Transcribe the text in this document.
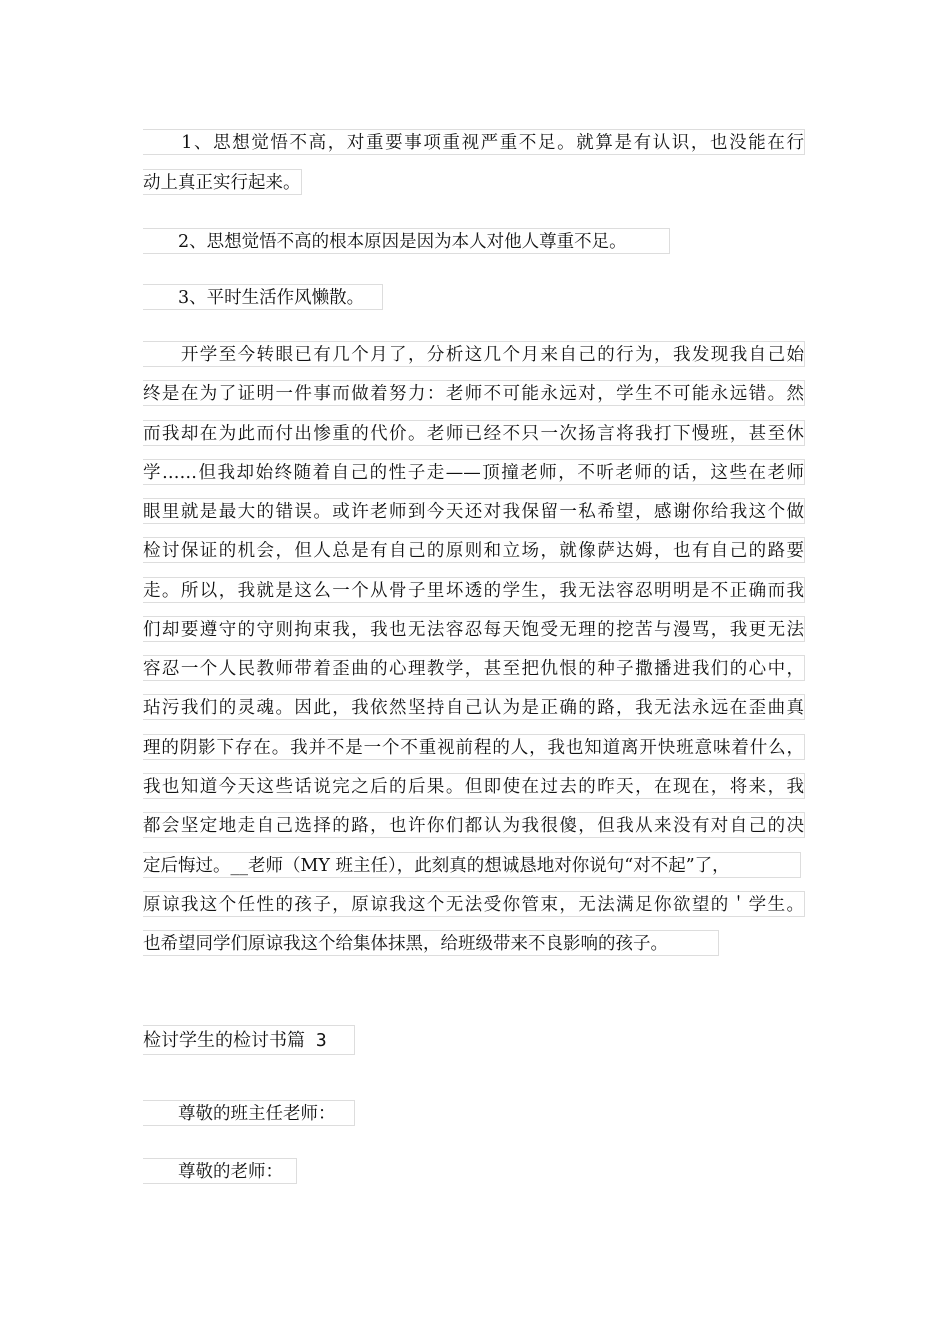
　　1、思想觉悟不高，对重要事项重视严重不足。就算是有认识，也没能在行
动上真正实行起来。
　　2、思想觉悟不高的根本原因是因为本人对他人尊重不足。
　　3、平时生活作风懒散。
　　开学至今转眼已有几个月了，分析这几个月来自己的行为，我发现我自己始
终是在为了证明一件事而做着努力：老师不可能永远对，学生不可能永远错。然
而我却在为此而付出惨重的代价。老师已经不只一次扬言将我打下慢班，甚至休
学……但我却始终随着自己的性子走——顶撞老师，不听老师的话，这些在老师
眼里就是最大的错误。或许老师到今天还对我保留一私希望，感谢你给我这个做
检讨保证的机会，但人总是有自己的原则和立场，就像萨达姆，也有自己的路要
走。所以，我就是这么一个从骨子里坏透的学生，我无法容忍明明是不正确而我
们却要遵守的守则拘束我，我也无法容忍每天饱受无理的挖苦与漫骂，我更无法
容忍一个人民教师带着歪曲的心理教学，甚至把仇恨的种子撒播进我们的心中，
玷污我们的灵魂。因此，我依然坚持自己认为是正确的路，我无法永远在歪曲真
理的阴影下存在。我并不是一个不重视前程的人，我也知道离开快班意味着什么，
我也知道今天这些话说完之后的后果。但即使在过去的昨天，在现在，将来，我
都会坚定地走自己选择的路，也许你们都认为我很傻，但我从来没有对自己的决
定后悔过。__老师（MY 班主任），此刻真的想诚恳地对你说句“对不起”了，
原谅我这个任性的孩子，原谅我这个无法受你管束，无法满足你欲望的＇学生。
也希望同学们原谅我这个给集体抹黑，给班级带来不良影响的孩子。
检讨学生的检讨书篇 3
　　尊敬的班主任老师：
　　尊敬的老师：
